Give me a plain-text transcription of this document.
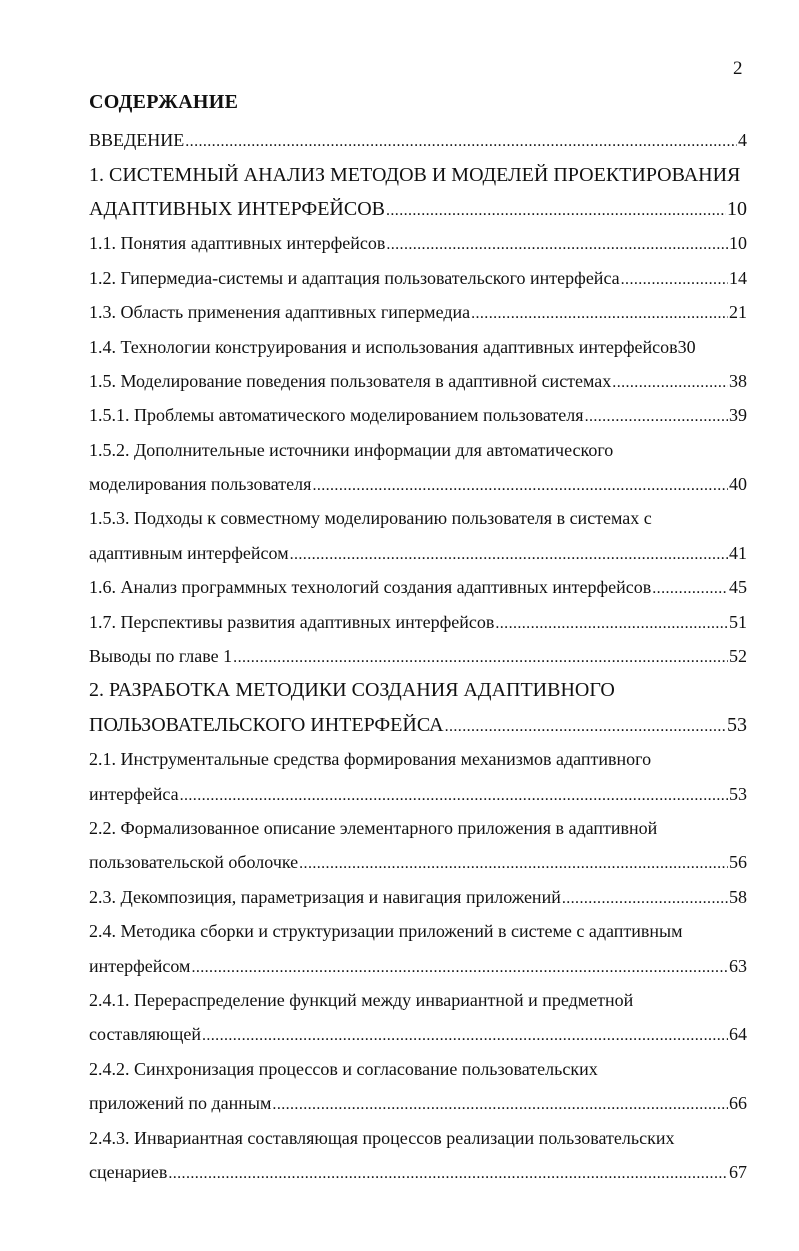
2
СОДЕРЖАНИЕ
ВВЕДЕНИЕ .....	4
1. СИСТЕМНЫЙ АНАЛИЗ МЕТОДОВ И МОДЕЛЕЙ ПРОЕКТИРОВАНИЯ
АДАПТИВНЫХ ИНТЕРФЕЙСОВ .....	10
1.1. Понятия адаптивных интерфейсов .....	10
1.2. Гипермедиа-системы и адаптация пользовательского интерфейса .....	14
1.3. Область применения адаптивных гипермедиа .....	21
1.4. Технологии конструирования и использования адаптивных интерфейсов30
1.5. Моделирование поведения пользователя в адаптивной системах .....	38
1.5.1. Проблемы автоматического моделированием пользователя .....	39
1.5.2. Дополнительные источники информации для автоматического
моделирования пользователя .....	40
1.5.3. Подходы к совместному моделированию пользователя в системах с
адаптивным интерфейсом .....	41
1.6. Анализ программных технологий создания адаптивных интерфейсов .....	45
1.7. Перспективы развития адаптивных интерфейсов .....	51
Выводы по главе 1 .....	52
2. РАЗРАБОТКА МЕТОДИКИ СОЗДАНИЯ АДАПТИВНОГО
ПОЛЬЗОВАТЕЛЬСКОГО ИНТЕРФЕЙСА .....	53
2.1. Инструментальные средства формирования механизмов адаптивного
интерфейса .....	53
2.2. Формализованное описание элементарного приложения в адаптивной
пользовательской оболочке .....	56
2.3. Декомпозиция, параметризация и навигация приложений .....	58
2.4. Методика сборки и структуризации приложений в системе с адаптивным
интерфейсом .....	63
2.4.1. Перераспределение функций между инвариантной и предметной
составляющей .....	64
2.4.2. Синхронизация процессов и согласование пользовательских
приложений по данным .....	66
2.4.3. Инвариантная составляющая процессов реализации пользовательских
сценариев .....	67
